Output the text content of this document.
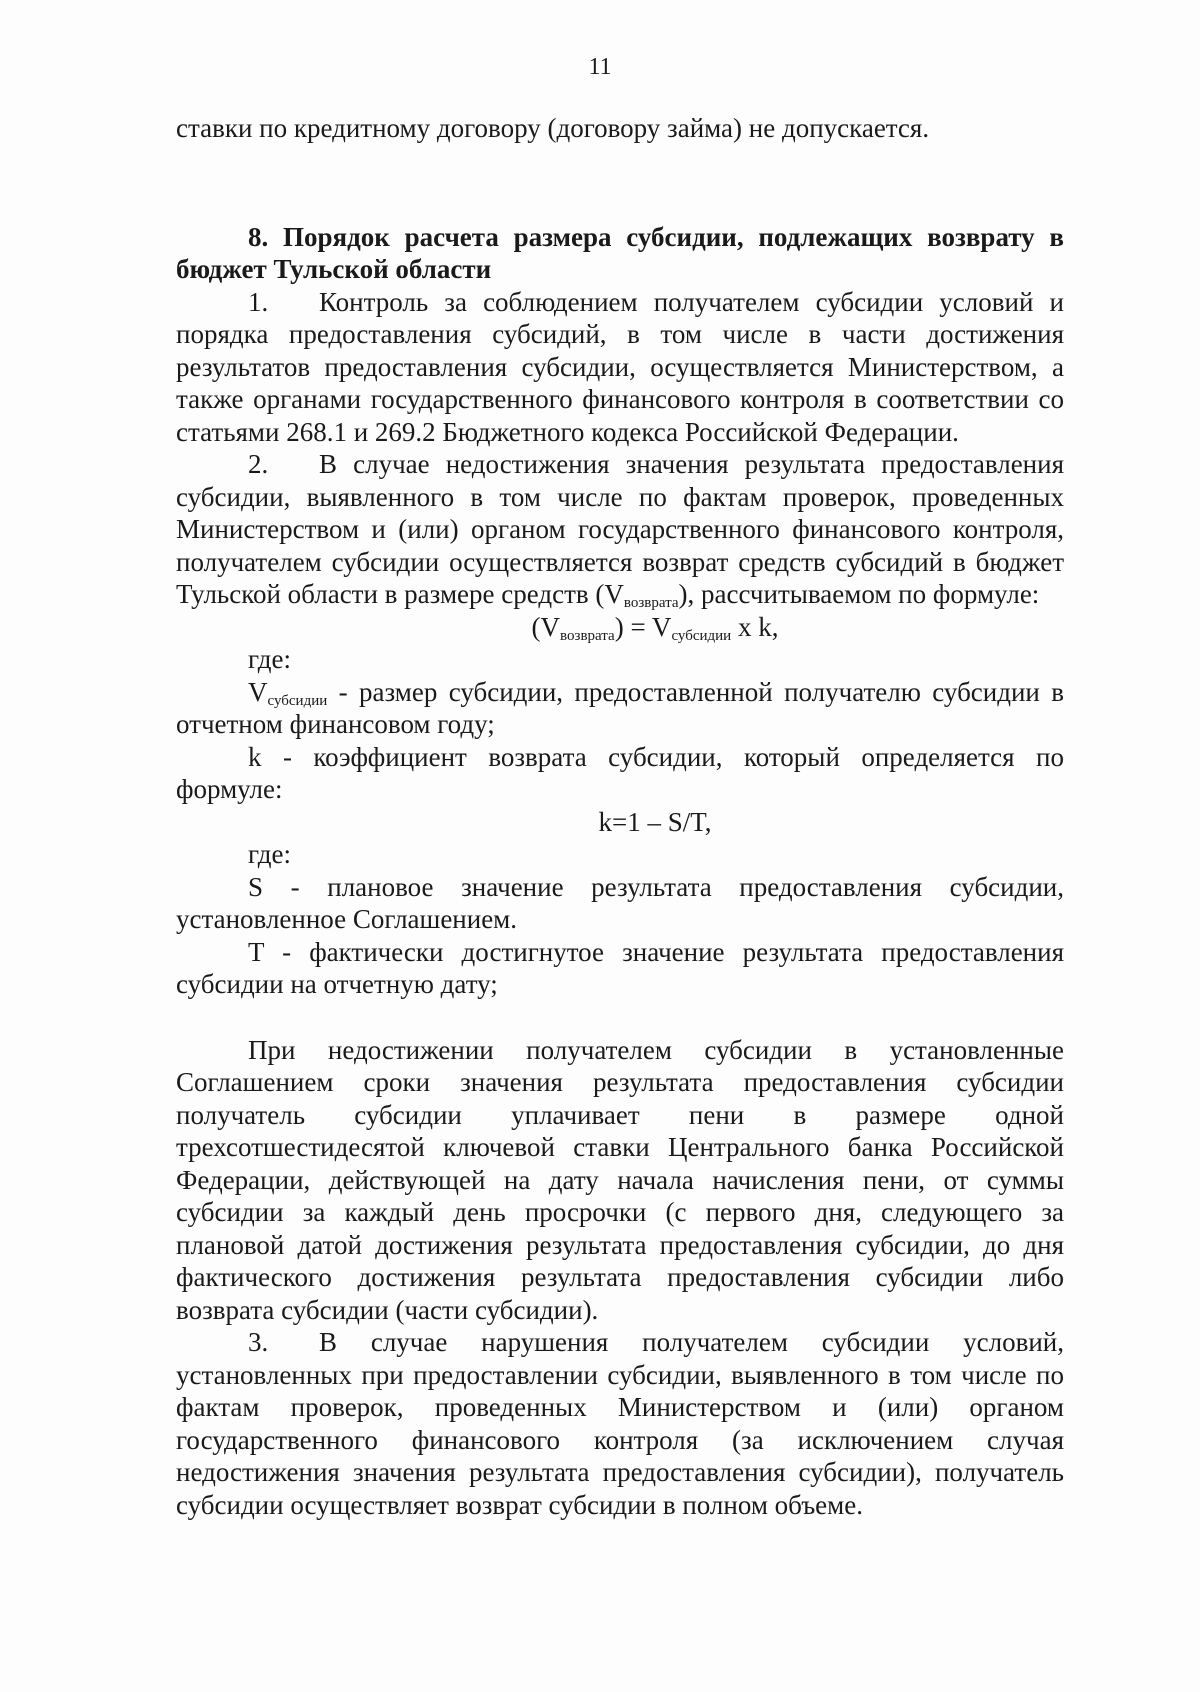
11

ставки по кредитному договору (договору займа) не допускается.

8. Порядок расчета размера субсидии, подлежащих возврату в бюджет Тульской области

1. Контроль за соблюдением получателем субсидии условий и порядка предоставления субсидий, в том числе в части достижения результатов предоставления субсидии, осуществляется Министерством, а также органами государственного финансового контроля в соответствии со статьями 268.1 и 269.2 Бюджетного кодекса Российской Федерации.

2. В случае недостижения значения результата предоставления субсидии, выявленного в том числе по фактам проверок, проведенных Министерством и (или) органом государственного финансового контроля, получателем субсидии осуществляется возврат средств субсидий в бюджет Тульской области в размере средств $(V_{возврата})$, рассчитываемом по формуле:

$(V_{возврата}) = V_{субсидии}$ x k,

где:

$V_{субсидии}$ - размер субсидии, предоставленной получателю субсидии в отчетном финансовом году;

k - коэффициент возврата субсидии, который определяется по формуле:

k=1 – S/T,

где:

S - плановое значение результата предоставления субсидии, установленное Соглашением.

T - фактически достигнутое значение результата предоставления субсидии на отчетную дату;

При недостижении получателем субсидии в установленные Соглашением сроки значения результата предоставления субсидии получатель субсидии уплачивает пени в размере одной трехсотшестидесятой ключевой ставки Центрального банка Российской Федерации, действующей на дату начала начисления пени, от суммы субсидии за каждый день просрочки (с первого дня, следующего за плановой датой достижения результата предоставления субсидии, до дня фактического достижения результата предоставления субсидии либо возврата субсидии (части субсидии).

3. В случае нарушения получателем субсидии условий, установленных при предоставлении субсидии, выявленного в том числе по фактам проверок, проведенных Министерством и (или) органом государственного финансового контроля (за исключением случая недостижения значения результата предоставления субсидии), получатель субсидии осуществляет возврат субсидии в полном объеме.
